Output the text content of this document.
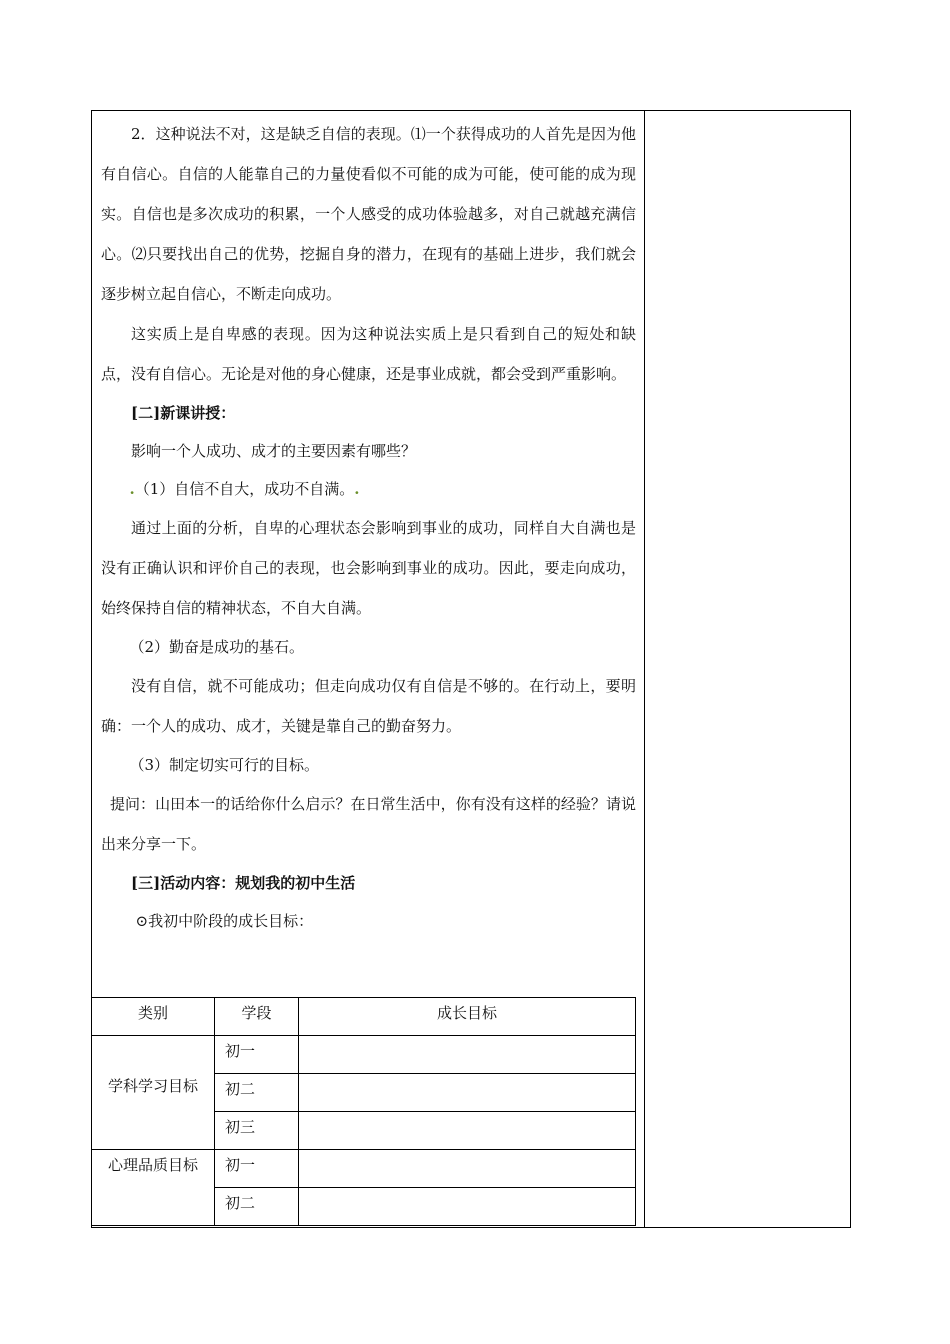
2．这种说法不对，这是缺乏自信的表现。⑴一个获得成功的人首先是因为他有自信心。自信的人能靠自己的力量使看似不可能的成为可能，使可能的成为现实。自信也是多次成功的积累，一个人感受的成功体验越多，对自己就越充满信心。⑵只要找出自己的优势，挖掘自身的潜力，在现有的基础上进步，我们就会逐步树立起自信心，不断走向成功。

这实质上是自卑感的表现。因为这种说法实质上是只看到自己的短处和缺点，没有自信心。无论是对他的身心健康，还是事业成就，都会受到严重影响。

[二]新课讲授：

影响一个人成功、成才的主要因素有哪些？

.（1）自信不自大，成功不自满。.

通过上面的分析，自卑的心理状态会影响到事业的成功，同样自大自满也是没有正确认识和评价自己的表现，也会影响到事业的成功。因此，要走向成功，始终保持自信的精神状态，不自大自满。

（2）勤奋是成功的基石。

没有自信，就不可能成功；但走向成功仅有自信是不够的。在行动上，要明确：一个人的成功、成才，关键是靠自己的勤奋努力。

（3）制定切实可行的目标。

提问：山田本一的话给你什么启示？在日常生活中，你有没有这样的经验？请说出来分享一下。

[三]活动内容：规划我的初中生活

⊙我初中阶段的成长目标：

类别	学段	成长目标

学科学习目标	初一	
	初二	
	初三	

心理品质目标	初一	
	初二	
